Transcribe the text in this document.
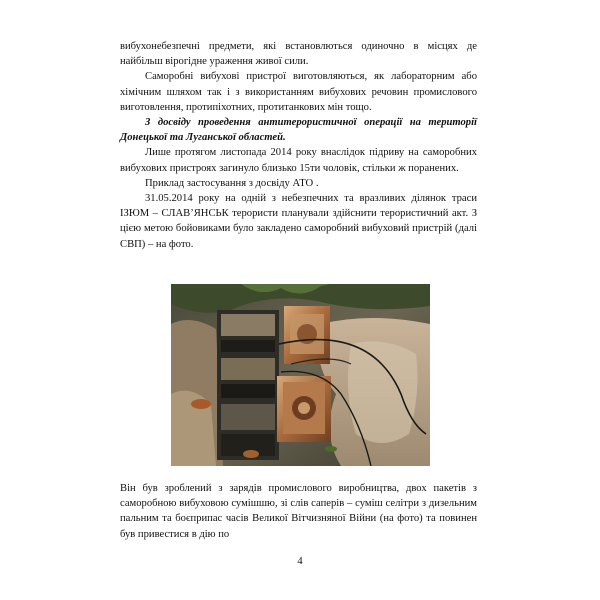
вибухонебезпечні предмети, які встановлються одиночно в місцях де найбільш вірогідне ураження живої сили.

Саморобні вибухові пристрої виготовляються, як лабораторним або хімічним шляхом так і з використанням вибухових речовин промислового виготовлення, протипіхотних, протитанкових мін тощо.

З досвіду проведення антитерористичної операції на території Донецької та Луганської областей.

Лише протягом листопада 2014 року внаслідок підриву на саморобних вибухових пристроях загинуло близько 15ти чоловік, стільки ж поранених.

Приклад застосування з досвіду АТО .

31.05.2014 року на одній з небезпечних та вразливих ділянок траси ІЗЮМ – СЛАВ’ЯНСЬК терористи планували здійснити терористичний акт. З цією метою бойовиками було закладено саморобний вибуховий пристрій (далі СВП) – на фото.

Він був зроблений з зарядів промислового виробництва, двох пакетів з саморобною вибуховою сумішшю, зі слів саперів – суміш селітри з дизельним пальним та боєприпас часів Великої Вітчизняної Війни (на фото) та повинен був привестися в дію по

4
